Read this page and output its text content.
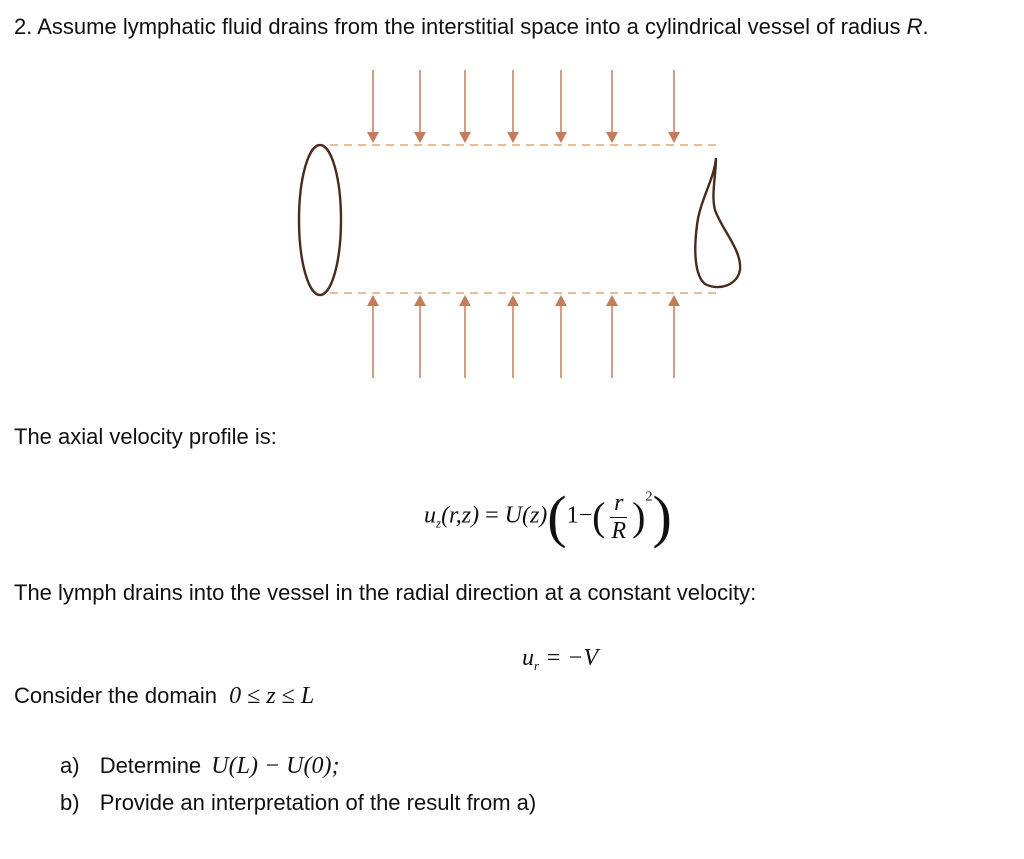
2. Assume lymphatic fluid drains from the interstitial space into a cylindrical vessel of radius R.
The axial velocity profile is:
$u_z(r,z) = U(z)(1-( \frac{r}{R} )^2)$
The lymph drains into the vessel in the radial direction at a constant velocity:
$u_r = -V$
Consider the domain 0 ≤ z ≤ L
a) Determine U(L) − U(0);
b) Provide an interpretation of the result from a)
